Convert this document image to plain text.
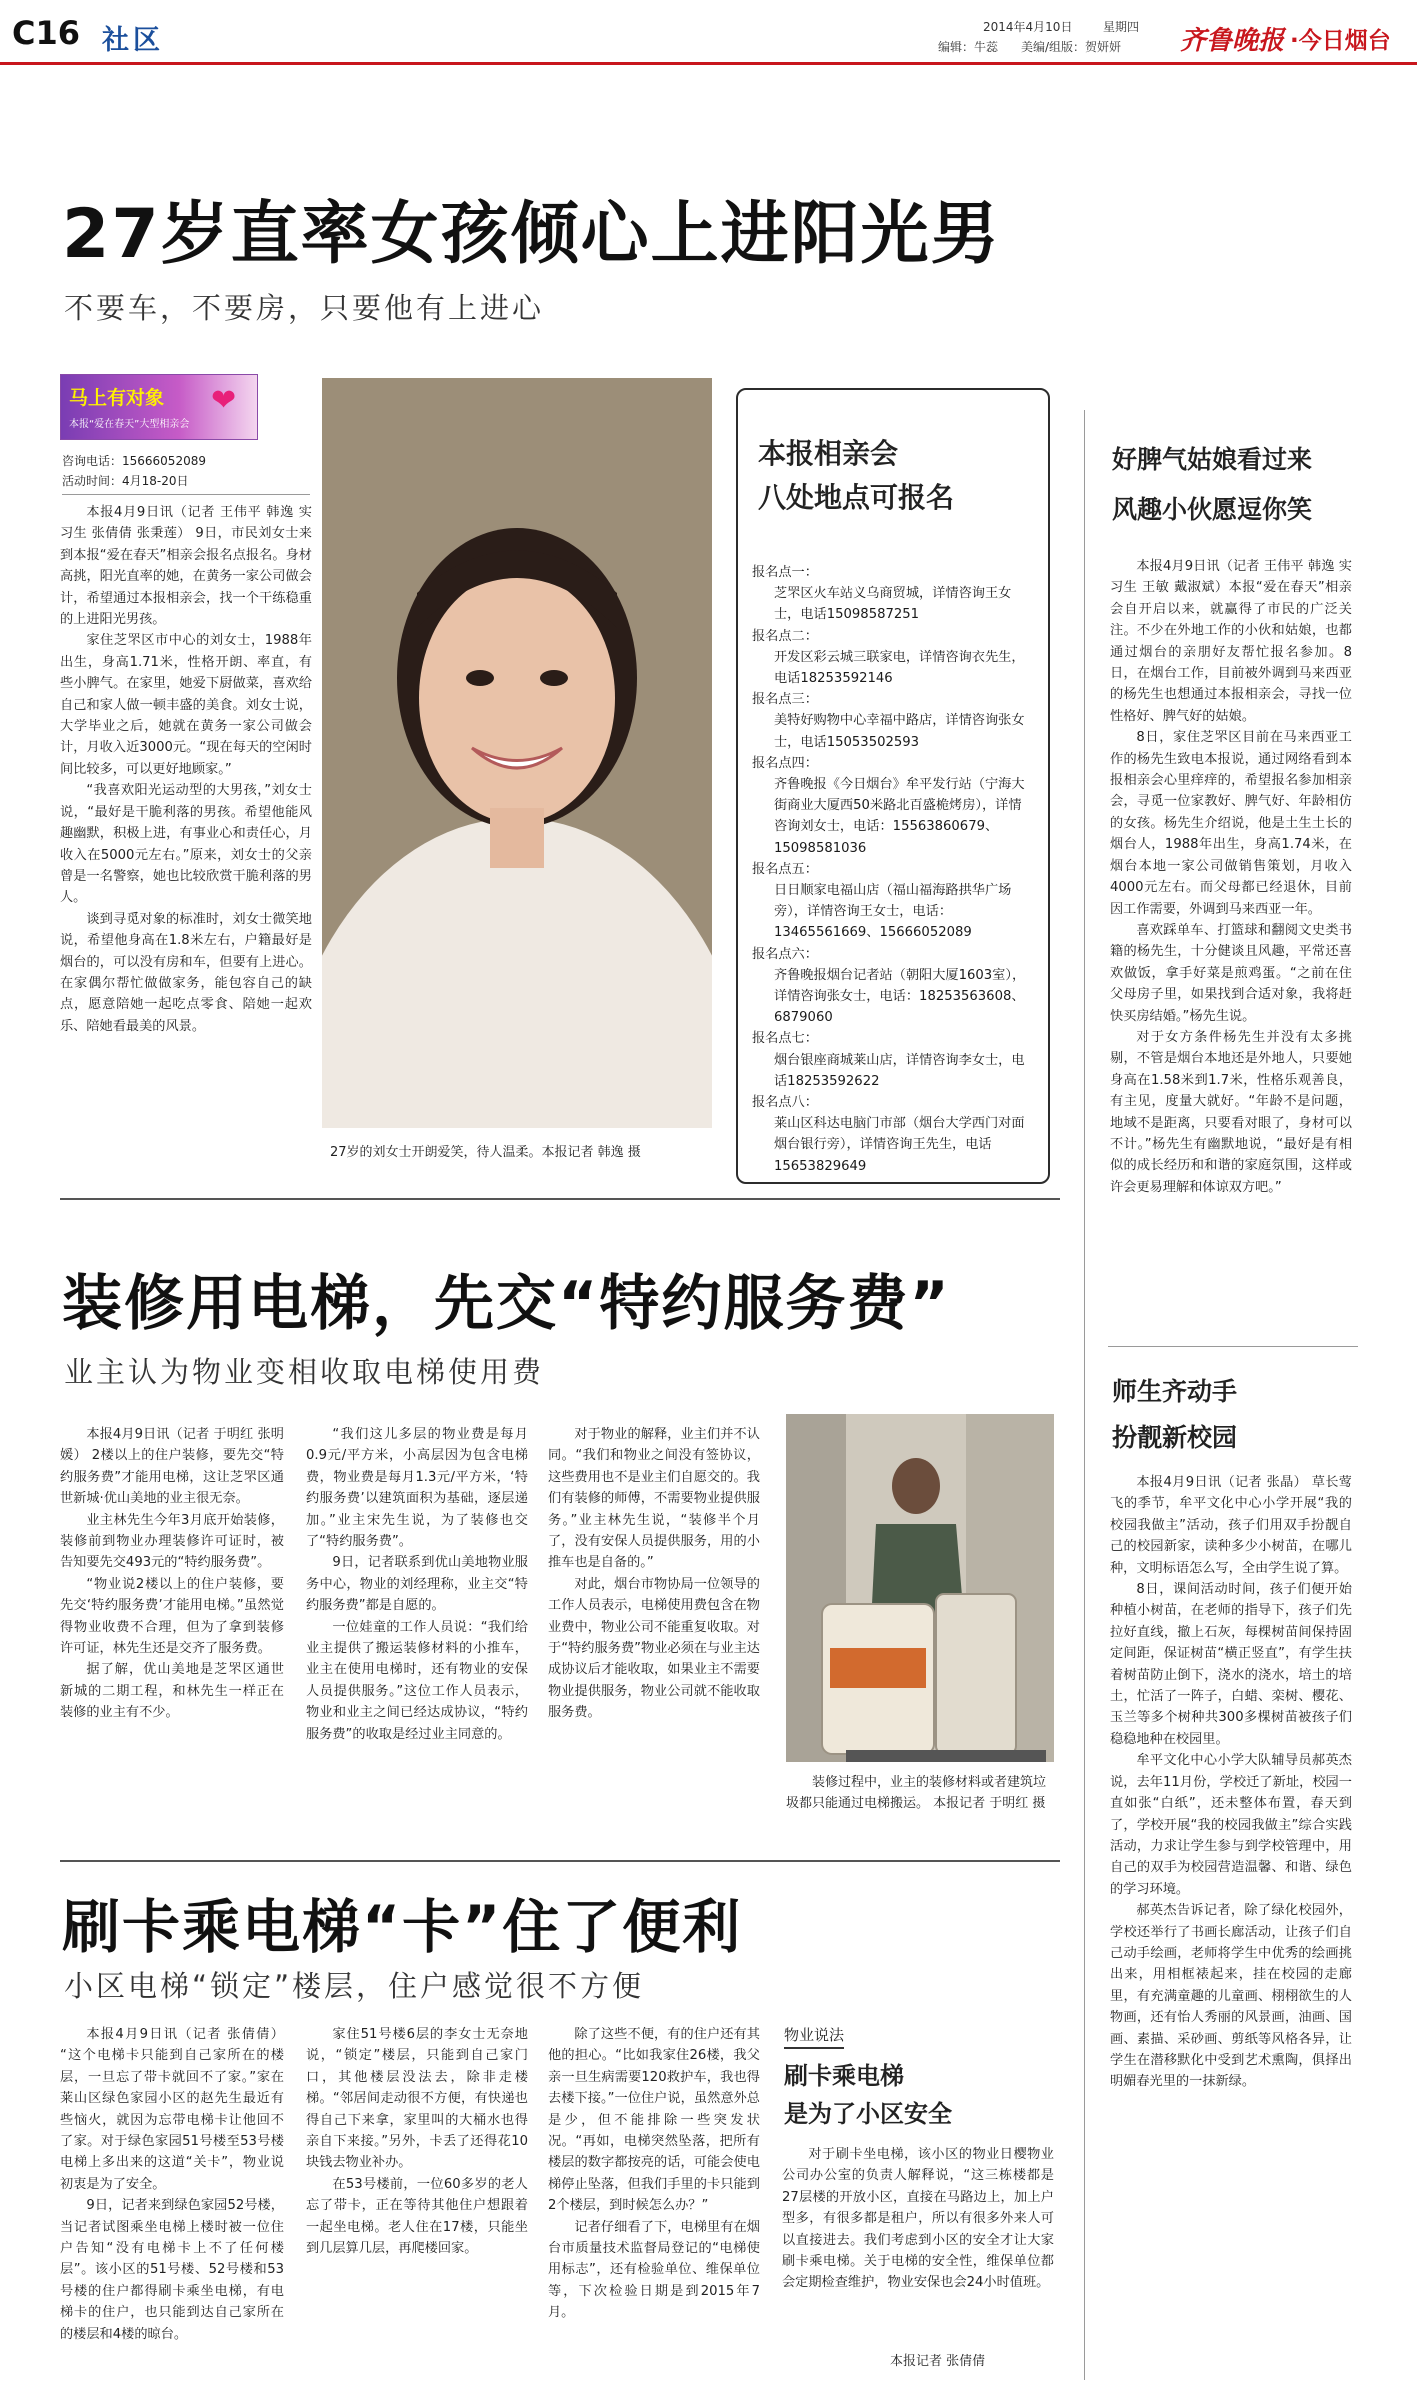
C16 社区	2014年4月10日	星期四
编辑：牛蕊 美编/组版：贺妍妍 齐鲁晚报 ·今日烟台
27岁直率女孩倾心上进阳光男
不要车，不要房，只要他有上进心
马上有对象
本报“爱在春天”大型相亲会
❤
咨询电话：15666052089
活动时间：4月18-20日

本报4月9日讯（记者 王伟平 韩逸 实习生 张倩倩 张秉莲） 9日，市民刘女士来到本报“爱在春天”相亲会报名点报名。身材高挑，阳光直率的她，在黄务一家公司做会计，希望通过本报相亲会，找一个干练稳重的上进阳光男孩。

家住芝罘区市中心的刘女士，1988年出生，身高1.71米，性格开朗、率直，有些小脾气。在家里，她爱下厨做菜，喜欢给自己和家人做一顿丰盛的美食。刘女士说，大学毕业之后，她就在黄务一家公司做会计，月收入近3000元。“现在每天的空闲时间比较多，可以更好地顾家。”

“我喜欢阳光运动型的大男孩，”刘女士说，“最好是干脆利落的男孩。希望他能风趣幽默，积极上进，有事业心和责任心，月收入在5000元左右。”原来，刘女士的父亲曾是一名警察，她也比较欣赏干脆利落的男人。

谈到寻觅对象的标准时，刘女士微笑地说，希望他身高在1.8米左右，户籍最好是烟台的，可以没有房和车，但要有上进心。在家偶尔帮忙做做家务，能包容自己的缺点，愿意陪她一起吃点零食、陪她一起欢乐、陪她看最美的风景。

27岁的刘女士开朗爱笑，待人温柔。本报记者 韩逸 摄
本报相亲会
八处地点可报名
报名点一：
芝罘区火车站义乌商贸城，详情咨询王女士，电话15098587251
报名点二：
开发区彩云城三联家电，详情咨询衣先生，电话18253592146
报名点三：
美特好购物中心幸福中路店，详情咨询张女士，电话15053502593
报名点四：
齐鲁晚报《今日烟台》牟平发行站（宁海大街商业大厦西50米路北百盛桅烤房），详情咨询刘女士，电话：15563860679、15098581036
报名点五：
日日顺家电福山店（福山福海路拱华广场旁），详情咨询王女士，电话：13465561669、15666052089
报名点六：
齐鲁晚报烟台记者站（朝阳大厦1603室），详情咨询张女士，电话：18253563608、6879060
报名点七：
烟台银座商城莱山店，详情咨询李女士，电话18253592622
报名点八：
莱山区科达电脑门市部（烟台大学西门对面烟台银行旁），详情咨询王先生，电话15653829649
好脾气姑娘看过来
风趣小伙愿逗你笑

本报4月9日讯（记者 王伟平 韩逸 实习生 王敏 戴淑斌）本报“爱在春天”相亲会自开启以来，就赢得了市民的广泛关注。不少在外地工作的小伙和姑娘，也都通过烟台的亲朋好友帮忙报名参加。8日，在烟台工作，目前被外调到马来西亚的杨先生也想通过本报相亲会，寻找一位性格好、脾气好的姑娘。

8日，家住芝罘区目前在马来西亚工作的杨先生致电本报说，通过网络看到本报相亲会心里痒痒的，希望报名参加相亲会，寻觅一位家教好、脾气好、年龄相仿的女孩。杨先生介绍说，他是土生土长的烟台人，1988年出生，身高1.74米，在烟台本地一家公司做销售策划，月收入4000元左右。而父母都已经退休，目前因工作需要，外调到马来西亚一年。

喜欢踩单车、打篮球和翻阅文史类书籍的杨先生，十分健谈且风趣，平常还喜欢做饭，拿手好菜是煎鸡蛋。“之前在住父母房子里，如果找到合适对象，我将赶快买房结婚。”杨先生说。

对于女方条件杨先生并没有太多挑剔，不管是烟台本地还是外地人，只要她身高在1.58米到1.7米，性格乐观善良，有主见，度量大就好。“年龄不是问题，地域不是距离，只要看对眼了，身材可以不计。”杨先生有幽默地说，“最好是有相似的成长经历和和谐的家庭氛围，这样或许会更易理解和体谅双方吧。”

装修用电梯，先交“特约服务费”
业主认为物业变相收取电梯使用费

本报4月9日讯（记者 于明红 张明媛） 2楼以上的住户装修，要先交“特约服务费”才能用电梯，这让芝罘区通世新城·优山美地的业主很无奈。

业主林先生今年3月底开始装修，装修前到物业办理装修许可证时，被告知要先交493元的“特约服务费”。

“物业说2楼以上的住户装修，要先交‘特约服务费’才能用电梯。”虽然觉得物业收费不合理，但为了拿到装修许可证，林先生还是交齐了服务费。

据了解，优山美地是芝罘区通世新城的二期工程，和林先生一样正在装修的业主有不少。

“我们这儿多层的物业费是每月0.9元/平方米，小高层因为包含电梯费，物业费是每月1.3元/平方米，‘特约服务费’以建筑面积为基础，逐层递加。”业主宋先生说，为了装修也交了“特约服务费”。

9日，记者联系到优山美地物业服务中心，物业的刘经理称，业主交“特约服务费”都是自愿的。

一位娃童的工作人员说：“我们给业主提供了搬运装修材料的小推车，业主在使用电梯时，还有物业的安保人员提供服务。”这位工作人员表示，物业和业主之间已经达成协议，“特约服务费”的收取是经过业主同意的。

对于物业的解释，业主们并不认同。“我们和物业之间没有签协议，这些费用也不是业主们自愿交的。我们有装修的师傅，不需要物业提供服务。”业主林先生说，“装修半个月了，没有安保人员提供服务，用的小推车也是自备的。”

对此，烟台市物协局一位领导的工作人员表示，电梯使用费包含在物业费中，物业公司不能重复收取。对于“特约服务费”物业必须在与业主达成协议后才能收取，如果业主不需要物业提供服务，物业公司就不能收取服务费。

装修过程中，业主的装修材料或者建筑垃圾都只能通过电梯搬运。 本报记者 于明红 摄
师生齐动手
扮靓新校园

本报4月9日讯（记者 张晶） 草长莺飞的季节，牟平文化中心小学开展“我的校园我做主”活动，孩子们用双手扮靓自己的校园新家，读种多少小树苗，在哪儿种，文明标语怎么写，全由学生说了算。

8日，课间活动时间，孩子们便开始种植小树苗，在老师的指导下，孩子们先拉好直线，撤上石灰，每棵树苗间保持固定间距，保证树苗“横正竖直”，有学生扶着树苗防止倒下，浇水的浇水，培土的培土，忙活了一阵子，白蜡、栾树、樱花、玉兰等多个树种共300多棵树苗被孩子们稳稳地种在校园里。

牟平文化中心小学大队辅导员郝英杰说，去年11月份，学校迁了新址，校园一直如张“白纸”，还未整体布置，春天到了，学校开展“我的校园我做主”综合实践活动，力求让学生参与到学校管理中，用自己的双手为校园营造温馨、和谐、绿色的学习环境。

郝英杰告诉记者，除了绿化校园外，学校还举行了书画长廊活动，让孩子们自己动手绘画，老师将学生中优秀的绘画挑出来，用相框裱起来，挂在校园的走廊里，有充满童趣的儿童画、栩栩欲生的人物画，还有怡人秀丽的风景画，油画、国画、素描、采砂画、剪纸等风格各异，让学生在潜移默化中受到艺术熏陶，俱择出明媚春光里的一抹新绿。

刷卡乘电梯“卡”住了便利
小区电梯“锁定”楼层，住户感觉很不方便

本报4月9日讯（记者 张倩倩） “这个电梯卡只能到自己家所在的楼层，一旦忘了带卡就回不了家。”家在莱山区绿色家园小区的赵先生最近有些恼火，就因为忘带电梯卡让他回不了家。对于绿色家园51号楼至53号楼电梯上多出来的这道“关卡”，物业说初衷是为了安全。

9日，记者来到绿色家园52号楼，当记者试图乘坐电梯上楼时被一位住户告知“没有电梯卡上不了任何楼层”。该小区的51号楼、52号楼和53号楼的住户都得刷卡乘坐电梯，有电梯卡的住户，也只能到达自己家所在的楼层和4楼的晾台。

家住51号楼6层的李女士无奈地说，“锁定”楼层，只能到自己家门口，其他楼层没法去，除非走楼梯。“邻居间走动很不方便，有快递也得自己下来拿，家里叫的大桶水也得亲自下来接。”另外，卡丢了还得花10块钱去物业补办。

在53号楼前，一位60多岁的老人忘了带卡，正在等待其他住户想跟着一起坐电梯。老人住在17楼，只能坐到几层算几层，再爬楼回家。

除了这些不便，有的住户还有其他的担心。“比如我家住26楼，我父亲一旦生病需要120救护车，我也得去楼下接。”一位住户说，虽然意外总是少，但不能排除一些突发状况。“再如，电梯突然坠落，把所有楼层的数字都按亮的话，可能会使电梯停止坠落，但我们手里的卡只能到2个楼层，到时候怎么办？”

记者仔细看了下，电梯里有在烟台市质量技术监督局登记的“电梯使用标志”，还有检验单位、维保单位等，下次检验日期是到2015年7月。

物业说法
刷卡乘电梯
是为了小区安全

对于刷卡坐电梯，该小区的物业日樱物业公司办公室的负责人解释说，“这三栋楼都是27层楼的开放小区，直接在马路边上，加上户型多，有很多都是租户，所以有很多外来人可以直接进去。我们考虑到小区的安全才让大家刷卡乘电梯。关于电梯的安全性，维保单位都会定期检查维护，物业安保也会24小时值班。

本报记者 张倩倩
